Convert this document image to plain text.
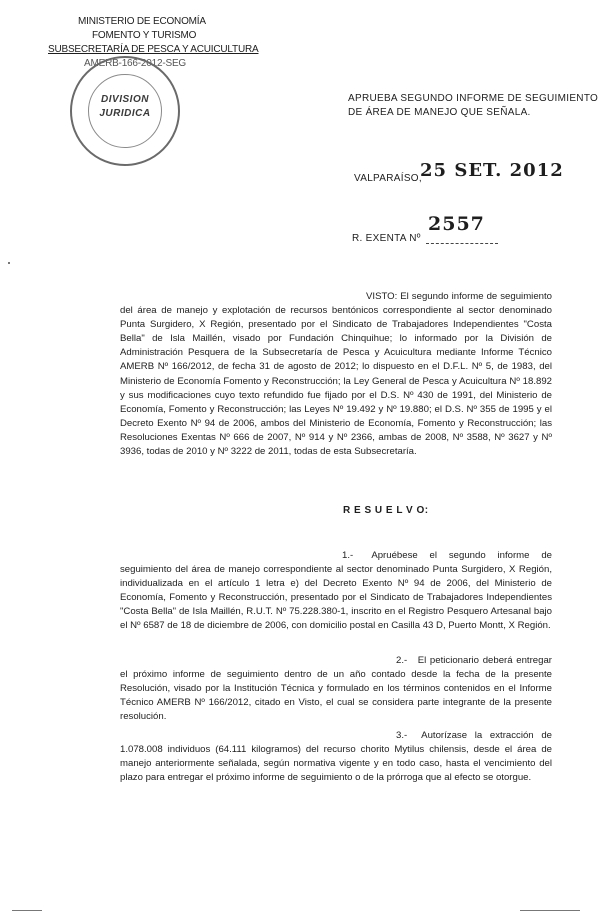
MINISTERIO DE ECONOMÍA
FOMENTO Y TURISMO
SUBSECRETARÍA DE PESCA Y ACUICULTURA
AMERB-166-2012-SEG
DIVISION
JURIDICA
APRUEBA SEGUNDO INFORME DE SEGUIMIENTO
DE ÁREA DE MANEJO QUE SEÑALA.
VALPARAÍSO,
25 SET. 2012
R. EXENTA Nº
2557
VISTO: El segundo informe de seguimiento del área de manejo y explotación de recursos bentónicos correspondiente al sector denominado Punta Surgidero, X Región, presentado por el Sindicato de Trabajadores Independientes "Costa Bella" de Isla Maillén, visado por Fundación Chinquihue; lo informado por la División de Administración Pesquera de la Subsecretaría de Pesca y Acuicultura mediante Informe Técnico AMERB Nº 166/2012, de fecha 31 de agosto de 2012; lo dispuesto en el D.F.L. Nº 5, de 1983, del Ministerio de Economía Fomento y Reconstrucción; la Ley General de Pesca y Acuicultura Nº 18.892 y sus modificaciones cuyo texto refundido fue fijado por el D.S. Nº 430 de 1991, del Ministerio de Economía, Fomento y Reconstrucción; las Leyes Nº 19.492 y Nº 19.880; el D.S. Nº 355 de 1995 y el Decreto Exento Nº 94 de 2006, ambos del Ministerio de Economía, Fomento y Reconstrucción; las Resoluciones Exentas Nº 666 de 2007, Nº 914 y Nº 2366, ambas de 2008, Nº 3588, Nº 3627 y Nº 3936, todas de 2010 y Nº 3222 de 2011, todas de esta Subsecretaría.
R E S U E L V O:
1.- Apruébese el segundo informe de seguimiento del área de manejo correspondiente al sector denominado Punta Surgidero, X Región, individualizada en el artículo 1 letra e) del Decreto Exento Nº 94 de 2006, del Ministerio de Economía, Fomento y Reconstrucción, presentado por el Sindicato de Trabajadores Independientes "Costa Bella" de Isla Maillén, R.U.T. Nº 75.228.380-1, inscrito en el Registro Pesquero Artesanal bajo el Nº 6587 de 18 de diciembre de 2006, con domicilio postal en Casilla 43 D, Puerto Montt, X Región.
2.- El peticionario deberá entregar el próximo informe de seguimiento dentro de un año contado desde la fecha de la presente Resolución, visado por la Institución Técnica y formulado en los términos contenidos en el Informe Técnico AMERB Nº 166/2012, citado en Visto, el cual se considera parte integrante de la presente resolución.
3.- Autorízase la extracción de 1.078.008 individuos (64.111 kilogramos) del recurso chorito Mytilus chilensis, desde el área de manejo anteriormente señalada, según normativa vigente y en todo caso, hasta el vencimiento del plazo para entregar el próximo informe de seguimiento o de la prórroga que al efecto se otorgue.
